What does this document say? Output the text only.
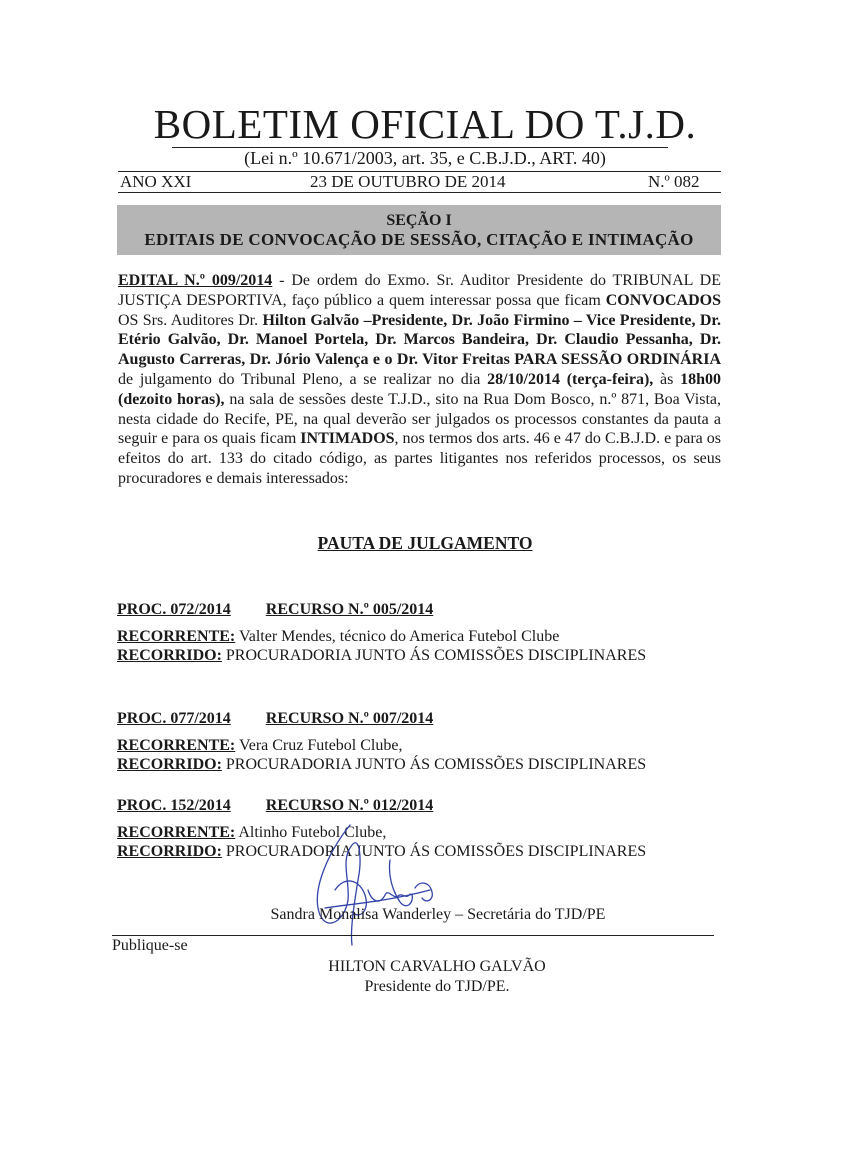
BOLETIM OFICIAL DO T.J.D.
(Lei n.º 10.671/2003, art. 35, e C.B.J.D., ART. 40)
ANO XXI	23 DE OUTUBRO DE 2014	N.º 082
SEÇÃO I
EDITAIS DE CONVOCAÇÃO DE SESSÃO, CITAÇÃO E INTIMAÇÃO
EDITAL N.º 009/2014 - De ordem do Exmo. Sr. Auditor Presidente do TRIBUNAL DE JUSTIÇA DESPORTIVA, faço público a quem interessar possa que ficam CONVOCADOS OS Srs. Auditores Dr. Hilton Galvão –Presidente, Dr. João Firmino – Vice Presidente, Dr. Etério Galvão, Dr. Manoel Portela, Dr. Marcos Bandeira, Dr. Claudio Pessanha, Dr. Augusto Carreras, Dr. Jório Valença e o Dr. Vitor Freitas PARA SESSÃO ORDINÁRIA de julgamento do Tribunal Pleno, a se realizar no dia 28/10/2014 (terça-feira), às 18h00 (dezoito horas), na sala de sessões deste T.J.D., sito na Rua Dom Bosco, n.º 871, Boa Vista, nesta cidade do Recife, PE, na qual deverão ser julgados os processos constantes da pauta a seguir e para os quais ficam INTIMADOS, nos termos dos arts. 46 e 47 do C.B.J.D. e para os efeitos do art. 133 do citado código, as partes litigantes nos referidos processos, os seus procuradores e demais interessados:
PAUTA DE JULGAMENTO
PROC. 072/2014 RECURSO N.º 005/2014
RECORRENTE: Valter Mendes, técnico do America Futebol Clube
RECORRIDO: PROCURADORIA JUNTO ÁS COMISSÕES DISCIPLINARES
PROC. 077/2014 RECURSO N.º 007/2014
RECORRENTE: Vera Cruz Futebol Clube,
RECORRIDO: PROCURADORIA JUNTO ÁS COMISSÕES DISCIPLINARES
PROC. 152/2014 RECURSO N.º 012/2014
RECORRENTE: Altinho Futebol Clube,
RECORRIDO: PROCURADORIA JUNTO ÁS COMISSÕES DISCIPLINARES
Sandra Monalisa Wanderley – Secretária do TJD/PE
Publique-se
HILTON CARVALHO GALVÃO
Presidente do TJD/PE.
